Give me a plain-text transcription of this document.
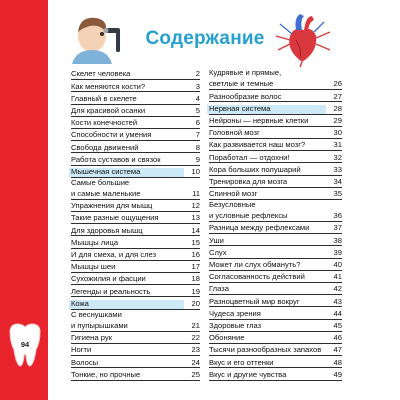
Содержание
Скелет человека	2
Как меняются кости?	3
Главный в скелете	4
Для красивой осанки	5
Кости конечностей	6
Способности и умения	7
Свобода движений	8
Работа суставов и связок	9
Мышечная система	10
Самые большие
и самые маленькие	11
Упражнения для мышц	12
Такие разные ощущения	13
Для здоровья мышц	14
Мышцы лица	15
И для смеха, и для слез	16
Мышцы шеи	17
Сухожилия и фасции	18
Легенды и реальность	19
Кожа	20
С веснушками
и пупырышками	21
Гигиена рук	22
Ногти	23
Волосы	24
Тонкие, но прочные	25
Кудрявые и прямые,
светлые и темные	26
Разнообразие волос	27
Нервная система	28
Нейроны — нервные клетки	29
Головной мозг	30
Как развивается наш мозг?	31
Поработал — отдохни!	32
Кора больших полушарий	33
Тренировка для мозга	34
Спинной мозг	35
Безусловные
и условные рефлексы	36
Разница между рефлексами	37
Уши	38
Слух	39
Может ли слух обмануть?	40
Согласованность действий	41
Глаза	42
Разноцветный мир вокруг	43
Чудеса зрения	44
Здоровые глаз	45
Обоняние	46
Тысячи разнообразных запахов	47
Вкус и его оттенки	48
Вкус и другие чувства	49
94
